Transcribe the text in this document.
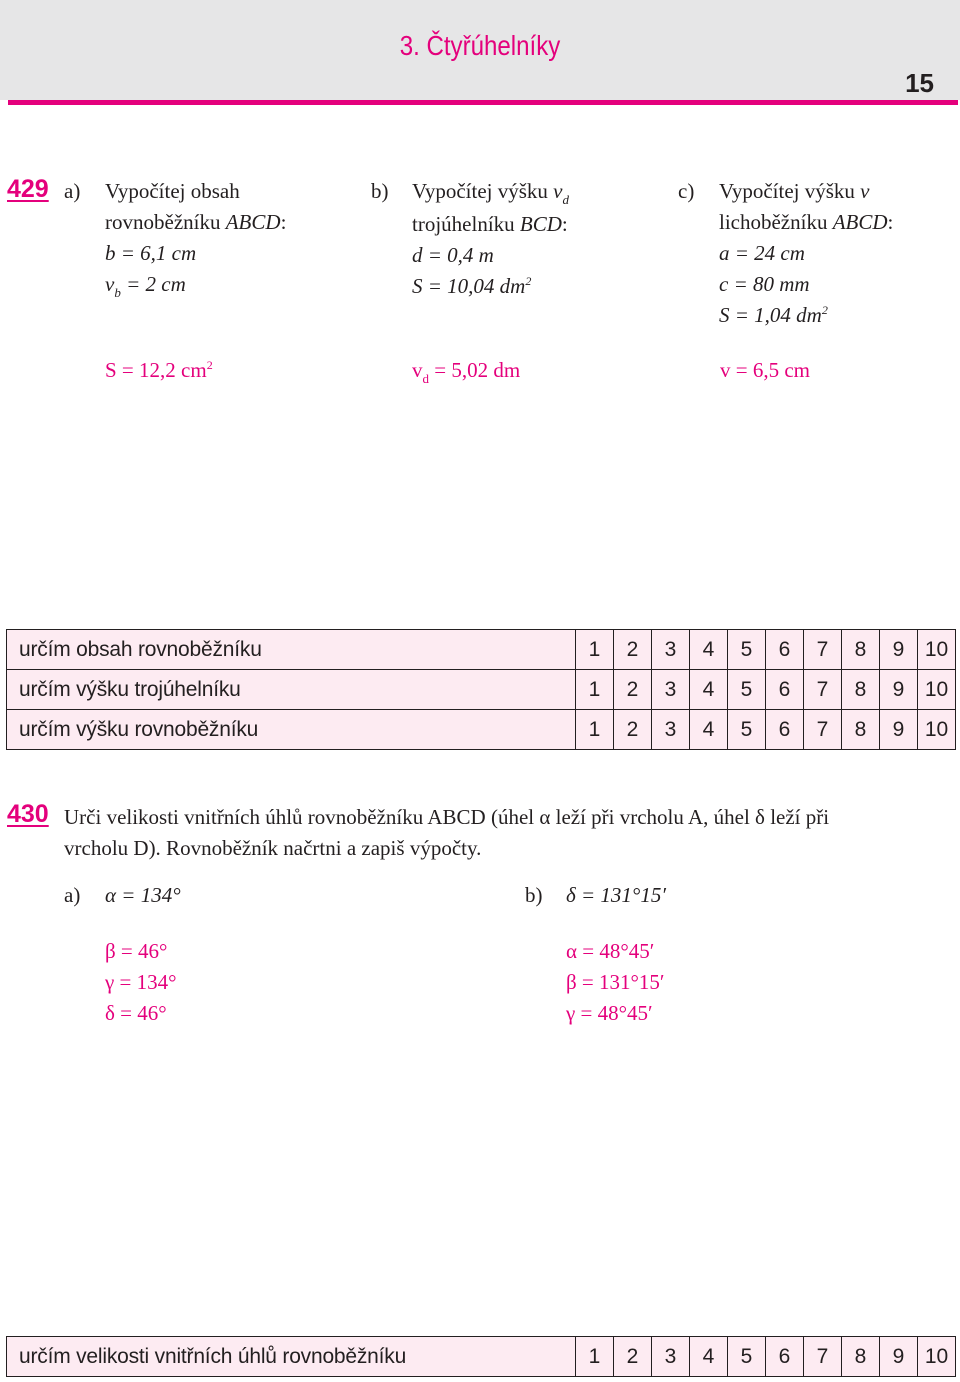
3. Čtyřúhelníky
15
429 a) Vypočítej obsah
rovnoběžníku ABCD:
b = 6,1 cm
$v_b = 2$ cm
S = 12,2 $cm^2$
b) Vypočítej výšku $v_d$
trojúhelníku BCD:
d = 0,4 m
S = 10,04 $dm^2$
$v_d = 5,02$ dm
c) Vypočítej výšku v
lichoběžníku ABCD:
a = 24 cm
c = 80 mm
S = 1,04 $dm^2$
v = 6,5 cm
určím obsah rovnoběžníku	1	2	3	4	5	6	7	8	9	10
určím výšku trojúhelníku	1	2	3	4	5	6	7	8	9	10
určím výšku rovnoběžníku	1	2	3	4	5	6	7	8	9	10
430 Urči velikosti vnitřních úhlů rovnoběžníku ABCD (úhel α leží při vrcholu A, úhel δ leží při
vrcholu D). Rovnoběžník načrtni a zapiš výpočty.
a) α = 134°
β = 46°
γ = 134°
δ = 46°
b) δ = 131°15′
α = 48°45′
β = 131°15′
γ = 48°45′
určím velikosti vnitřních úhlů rovnoběžníku	1	2	3	4	5	6	7	8	9	10
